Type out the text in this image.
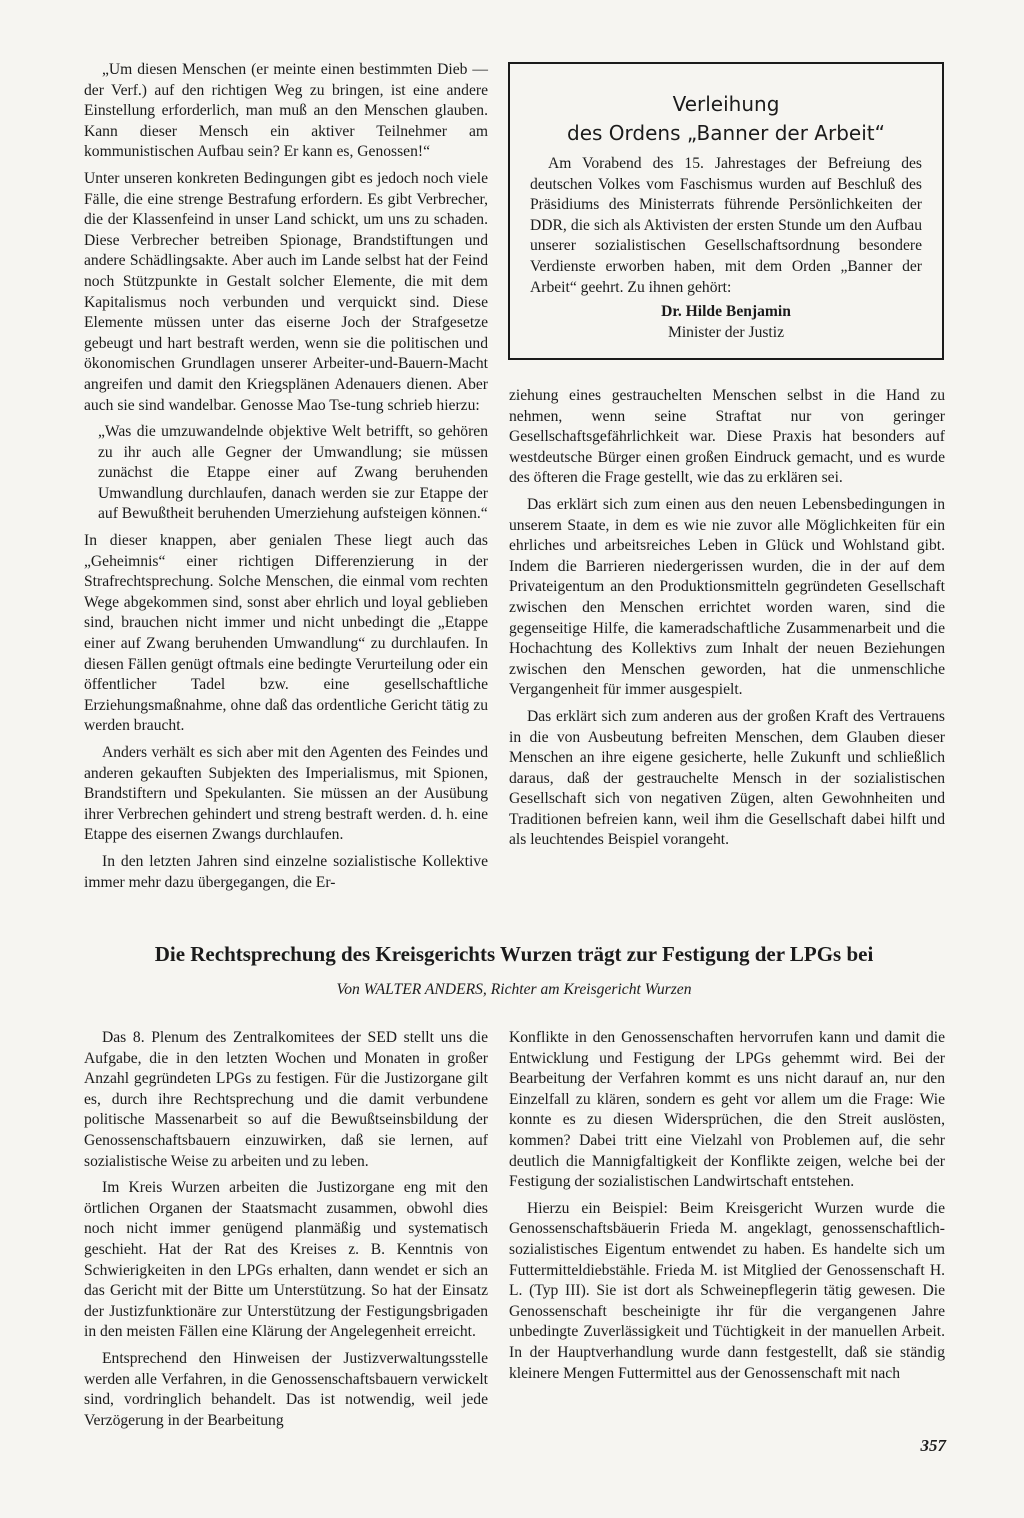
„Um diesen Menschen (er meinte einen bestimmten Dieb — der Verf.) auf den richtigen Weg zu bringen, ist eine andere Einstellung erforderlich, man muß an den Menschen glauben. Kann dieser Mensch ein aktiver Teilnehmer am kommunistischen Aufbau sein? Er kann es, Genossen!“

Unter unseren konkreten Bedingungen gibt es jedoch noch viele Fälle, die eine strenge Bestrafung erfordern. Es gibt Verbrecher, die der Klassenfeind in unser Land schickt, um uns zu schaden. Diese Verbrecher betreiben Spionage, Brandstiftungen und andere Schädlingsakte. Aber auch im Lande selbst hat der Feind noch Stützpunkte in Gestalt solcher Elemente, die mit dem Kapitalismus noch verbunden und verquickt sind. Diese Elemente müssen unter das eiserne Joch der Strafgesetze gebeugt und hart bestraft werden, wenn sie die politischen und ökonomischen Grundlagen unserer Arbeiter-und-Bauern-Macht angreifen und damit den Kriegsplänen Adenauers dienen. Aber auch sie sind wandelbar. Genosse Mao Tse-tung schrieb hierzu:

„Was die umzuwandelnde objektive Welt betrifft, so gehören zu ihr auch alle Gegner der Umwandlung; sie müssen zunächst die Etappe einer auf Zwang beruhenden Umwandlung durchlaufen, danach werden sie zur Etappe der auf Bewußtheit beruhenden Umerziehung aufsteigen können.“

In dieser knappen, aber genialen These liegt auch das „Geheimnis“ einer richtigen Differenzierung in der Strafrechtsprechung. Solche Menschen, die einmal vom rechten Wege abgekommen sind, sonst aber ehrlich und loyal geblieben sind, brauchen nicht immer und nicht unbedingt die „Etappe einer auf Zwang beruhenden Umwandlung“ zu durchlaufen. In diesen Fällen genügt oftmals eine bedingte Verurteilung oder ein öffentlicher Tadel bzw. eine gesellschaftliche Erziehungsmaßnahme, ohne daß das ordentliche Gericht tätig zu werden braucht.

Anders verhält es sich aber mit den Agenten des Feindes und anderen gekauften Subjekten des Imperialismus, mit Spionen, Brandstiftern und Spekulanten. Sie müssen an der Ausübung ihrer Verbrechen gehindert und streng bestraft werden. d. h. eine Etappe des eisernen Zwangs durchlaufen.

In den letzten Jahren sind einzelne sozialistische Kollektive immer mehr dazu übergegangen, die Er-

Verleihung
des Ordens „Banner der Arbeit“

Am Vorabend des 15. Jahrestages der Befreiung des deutschen Volkes vom Faschismus wurden auf Beschluß des Präsidiums des Ministerrats führende Persönlichkeiten der DDR, die sich als Aktivisten der ersten Stunde um den Aufbau unserer sozialistischen Gesellschaftsordnung besondere Verdienste erworben haben, mit dem Orden „Banner der Arbeit“ geehrt. Zu ihnen gehört:

Dr. Hilde Benjamin
Minister der Justiz

ziehung eines gestrauchelten Menschen selbst in die Hand zu nehmen, wenn seine Straftat nur von geringer Gesellschaftsgefährlichkeit war. Diese Praxis hat besonders auf westdeutsche Bürger einen großen Eindruck gemacht, und es wurde des öfteren die Frage gestellt, wie das zu erklären sei.

Das erklärt sich zum einen aus den neuen Lebensbedingungen in unserem Staate, in dem es wie nie zuvor alle Möglichkeiten für ein ehrliches und arbeitsreiches Leben in Glück und Wohlstand gibt. Indem die Barrieren niedergerissen wurden, die in der auf dem Privateigentum an den Produktionsmitteln gegründeten Gesellschaft zwischen den Menschen errichtet worden waren, sind die gegenseitige Hilfe, die kameradschaftliche Zusammenarbeit und die Hochachtung des Kollektivs zum Inhalt der neuen Beziehungen zwischen den Menschen geworden, hat die unmenschliche Vergangenheit für immer ausgespielt.

Das erklärt sich zum anderen aus der großen Kraft des Vertrauens in die von Ausbeutung befreiten Menschen, dem Glauben dieser Menschen an ihre eigene gesicherte, helle Zukunft und schließlich daraus, daß der gestrauchelte Mensch in der sozialistischen Gesellschaft sich von negativen Zügen, alten Gewohnheiten und Traditionen befreien kann, weil ihm die Gesellschaft dabei hilft und als leuchtendes Beispiel vorangeht.

Die Rechtsprechung des Kreisgerichts Wurzen trägt zur Festigung der LPGs bei
Von WALTER ANDERS, Richter am Kreisgericht Wurzen

Das 8. Plenum des Zentralkomitees der SED stellt uns die Aufgabe, die in den letzten Wochen und Monaten in großer Anzahl gegründeten LPGs zu festigen. Für die Justizorgane gilt es, durch ihre Rechtsprechung und die damit verbundene politische Massenarbeit so auf die Bewußtseinsbildung der Genossenschaftsbauern einzuwirken, daß sie lernen, auf sozialistische Weise zu arbeiten und zu leben.

Im Kreis Wurzen arbeiten die Justizorgane eng mit den örtlichen Organen der Staatsmacht zusammen, obwohl dies noch nicht immer genügend planmäßig und systematisch geschieht. Hat der Rat des Kreises z. B. Kenntnis von Schwierigkeiten in den LPGs erhalten, dann wendet er sich an das Gericht mit der Bitte um Unterstützung. So hat der Einsatz der Justizfunktionäre zur Unterstützung der Festigungsbrigaden in den meisten Fällen eine Klärung der Angelegenheit erreicht.

Entsprechend den Hinweisen der Justizverwaltungsstelle werden alle Verfahren, in die Genossenschaftsbauern verwickelt sind, vordringlich behandelt. Das ist notwendig, weil jede Verzögerung in der Bearbeitung

Konflikte in den Genossenschaften hervorrufen kann und damit die Entwicklung und Festigung der LPGs gehemmt wird. Bei der Bearbeitung der Verfahren kommt es uns nicht darauf an, nur den Einzelfall zu klären, sondern es geht vor allem um die Frage: Wie konnte es zu diesen Widersprüchen, die den Streit auslösten, kommen? Dabei tritt eine Vielzahl von Problemen auf, die sehr deutlich die Mannigfaltigkeit der Konflikte zeigen, welche bei der Festigung der sozialistischen Landwirtschaft entstehen.

Hierzu ein Beispiel: Beim Kreisgericht Wurzen wurde die Genossenschaftsbäuerin Frieda M. angeklagt, genossenschaftlich-sozialistisches Eigentum entwendet zu haben. Es handelte sich um Futtermitteldiebstähle. Frieda M. ist Mitglied der Genossenschaft H. L. (Typ III). Sie ist dort als Schweinepflegerin tätig gewesen. Die Genossenschaft bescheinigte ihr für die vergangenen Jahre unbedingte Zuverlässigkeit und Tüchtigkeit in der manuellen Arbeit. In der Hauptverhandlung wurde dann festgestellt, daß sie ständig kleinere Mengen Futtermittel aus der Genossenschaft mit nach

357
